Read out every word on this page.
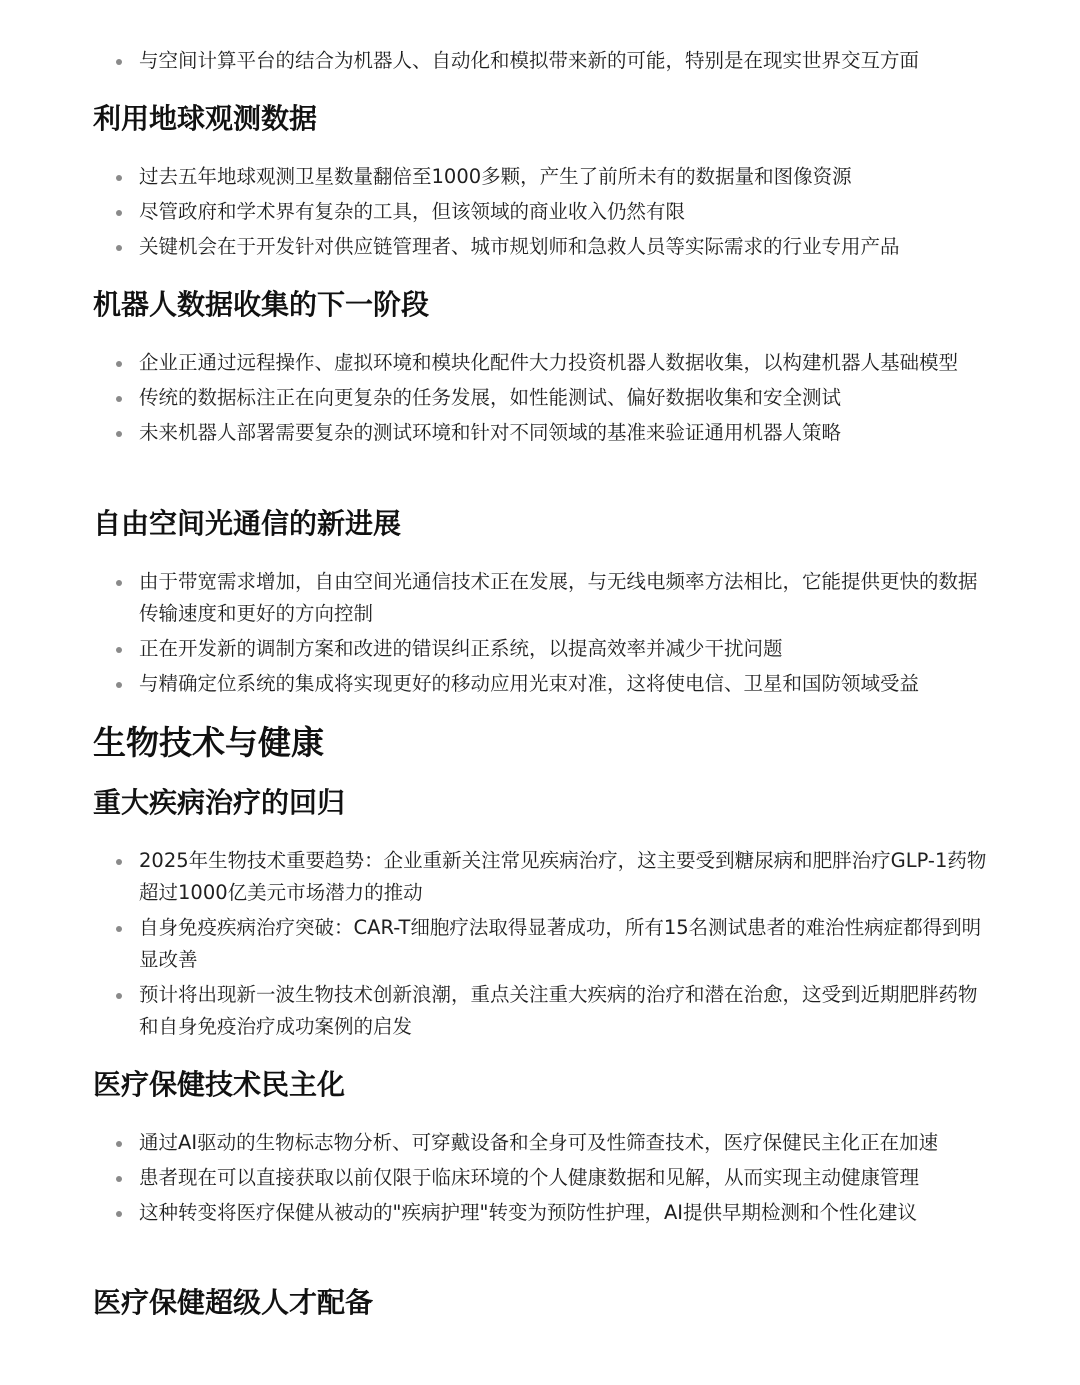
与空间计算平台的结合为机器人、自动化和模拟带来新的可能，特别是在现实世界交互方面
利用地球观测数据
过去五年地球观测卫星数量翻倍至1000多颗，产生了前所未有的数据量和图像资源
尽管政府和学术界有复杂的工具，但该领域的商业收入仍然有限
关键机会在于开发针对供应链管理者、城市规划师和急救人员等实际需求的行业专用产品
机器人数据收集的下一阶段
企业正通过远程操作、虚拟环境和模块化配件大力投资机器人数据收集，以构建机器人基础模型
传统的数据标注正在向更复杂的任务发展，如性能测试、偏好数据收集和安全测试
未来机器人部署需要复杂的测试环境和针对不同领域的基准来验证通用机器人策略
自由空间光通信的新进展
由于带宽需求增加，自由空间光通信技术正在发展，与无线电频率方法相比，它能提供更快的数据传输速度和更好的方向控制
正在开发新的调制方案和改进的错误纠正系统，以提高效率并减少干扰问题
与精确定位系统的集成将实现更好的移动应用光束对准，这将使电信、卫星和国防领域受益
生物技术与健康
重大疾病治疗的回归
2025年生物技术重要趋势：企业重新关注常见疾病治疗，这主要受到糖尿病和肥胖治疗GLP-1药物超过1000亿美元市场潜力的推动
自身免疫疾病治疗突破：CAR-T细胞疗法取得显著成功，所有15名测试患者的难治性病症都得到明显改善
预计将出现新一波生物技术创新浪潮，重点关注重大疾病的治疗和潜在治愈，这受到近期肥胖药物和自身免疫治疗成功案例的启发
医疗保健技术民主化
通过AI驱动的生物标志物分析、可穿戴设备和全身可及性筛查技术，医疗保健民主化正在加速
患者现在可以直接获取以前仅限于临床环境的个人健康数据和见解，从而实现主动健康管理
这种转变将医疗保健从被动的"疾病护理"转变为预防性护理，AI提供早期检测和个性化建议
医疗保健超级人才配备
